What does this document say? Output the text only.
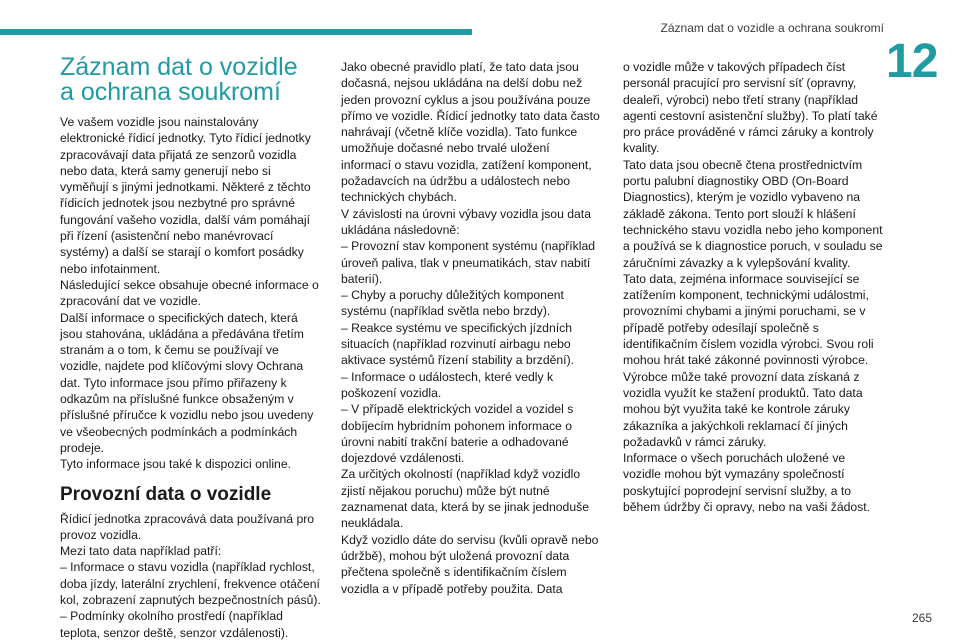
Záznam dat o vozidle a ochrana soukromí
12
Záznam dat o vozidle
a ochrana soukromí

Ve vašem vozidle jsou nainstalovány elektronické řídicí jednotky. Tyto řídicí jednotky zpracovávají data přijatá ze senzorů vozidla nebo data, která samy generují nebo si vyměňují s jinými jednotkami. Některé z těchto řídicích jednotek jsou nezbytné pro správné fungování vašeho vozidla, další vám pomáhají při řízení (asistenční nebo manévrovací systémy) a další se starají o komfort posádky nebo infotainment.

Následující sekce obsahuje obecné informace o zpracování dat ve vozidle.

Další informace o specifických datech, která jsou stahována, ukládána a předávána třetím stranám a o tom, k čemu se používají ve vozidle, najdete pod klíčovými slovy Ochrana dat. Tyto informace jsou přímo přiřazeny k odkazům na příslušné funkce obsaženým v příslušné příručce k vozidlu nebo jsou uvedeny ve všeobecných podmínkách a podmínkách prodeje.

Tyto informace jsou také k dispozici online.

Provozní data o vozidle

Řídicí jednotka zpracovává data používaná pro provoz vozidla.

Mezi tato data například patří:

– Informace o stavu vozidla (například rychlost, doba jízdy, laterální zrychlení, frekvence otáčení kol, zobrazení zapnutých bezpečnostních pásů).

– Podmínky okolního prostředí (například teplota, senzor deště, senzor vzdálenosti).

Jako obecné pravidlo platí, že tato data jsou dočasná, nejsou ukládána na delší dobu než jeden provozní cyklus a jsou používána pouze přímo ve vozidle. Řídicí jednotky tato data často nahrávají (včetně klíče vozidla). Tato funkce umožňuje dočasné nebo trvalé uložení informací o stavu vozidla, zatížení komponent, požadavcích na údržbu a událostech nebo technických chybách.

V závislosti na úrovni výbavy vozidla jsou data ukládána následovně:

– Provozní stav komponent systému (například úroveň paliva, tlak v pneumatikách, stav nabití baterií).

– Chyby a poruchy důležitých komponent systému (například světla nebo brzdy).

– Reakce systému ve specifických jízdních situacích (například rozvinutí airbagu nebo aktivace systémů řízení stability a brzdění).

– Informace o událostech, které vedly k poškození vozidla.

– V případě elektrických vozidel a vozidel s dobíjecím hybridním pohonem informace o úrovni nabití trakční baterie a odhadované dojezdové vzdálenosti.

Za určitých okolností (například když vozidlo zjistí nějakou poruchu) může být nutné zaznamenat data, která by se jinak jednoduše neukládala.

Když vozidlo dáte do servisu (kvůli opravě nebo údržbě), mohou být uložená provozní data přečtena společně s identifikačním číslem vozidla a v případě potřeby použita. Data

o vozidle může v takových případech číst personál pracující pro servisní síť (opravny, dealeři, výrobci) nebo třetí strany (například agenti cestovní asistenční služby). To platí také pro práce prováděné v rámci záruky a kontroly kvality.

Tato data jsou obecně čtena prostřednictvím portu palubní diagnostiky OBD (On-Board Diagnostics), kterým je vozidlo vybaveno na základě zákona. Tento port slouží k hlášení technického stavu vozidla nebo jeho komponent a používá se k diagnostice poruch, v souladu se záručními závazky a k vylepšování kvality.

Tato data, zejména informace související se zatížením komponent, technickými událostmi, provozními chybami a jinými poruchami, se v případě potřeby odesílají společně s identifikačním číslem vozidla výrobci. Svou roli mohou hrát také zákonné povinnosti výrobce.

Výrobce může také provozní data získaná z vozidla využít ke stažení produktů. Tato data mohou být využita také ke kontrole záruky zákazníka a jakýchkoli reklamací čí jiných požadavků v rámci záruky.

Informace o všech poruchách uložené ve vozidle mohou být vymazány společností poskytující poprodejní servisní služby, a to během údržby či opravy, nebo na vaši žádost.

265
